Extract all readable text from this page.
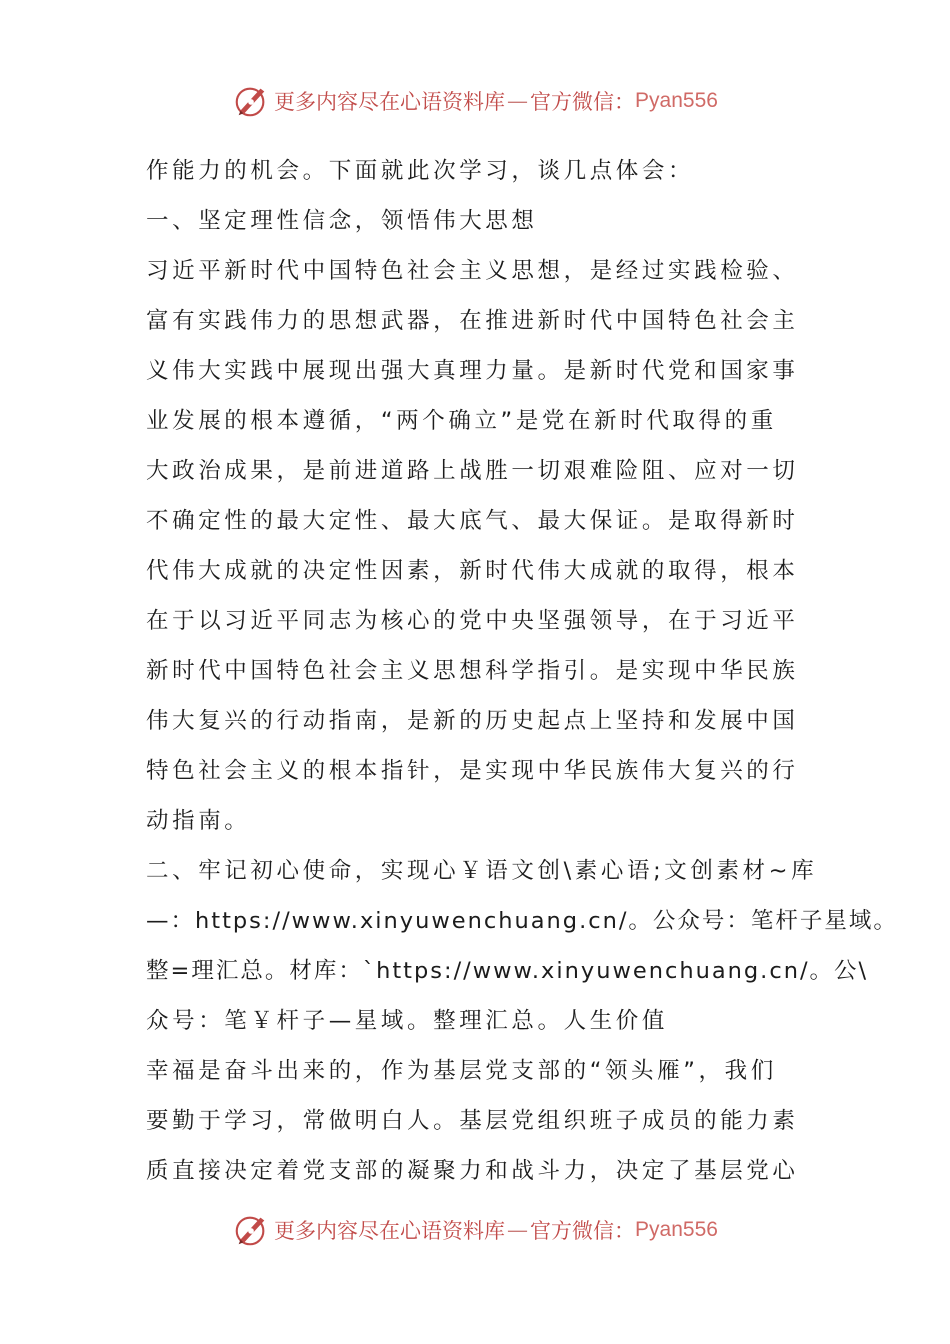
更多内容尽在心语资料库 — 官方微信： Pyan556
作能力的机会。下面就此次学习，谈几点体会：
一、坚定理性信念，领悟伟大思想
习近平新时代中国特色社会主义思想，是经过实践检验、
富有实践伟力的思想武器，在推进新时代中国特色社会主
义伟大实践中展现出强大真理力量。是新时代党和国家事
业发展的根本遵循，“两个确立”是党在新时代取得的重
大政治成果，是前进道路上战胜一切艰难险阻、应对一切
不确定性的最大定性、最大底气、最大保证。是取得新时
代伟大成就的决定性因素，新时代伟大成就的取得，根本
在于以习近平同志为核心的党中央坚强领导，在于习近平
新时代中国特色社会主义思想科学指引。是实现中华民族
伟大复兴的行动指南，是新的历史起点上坚持和发展中国
特色社会主义的根本指针，是实现中华民族伟大复兴的行
动指南。
二、牢记初心使命，实现心￥语文创\素心语;文创素材~库
—：https://www.xinyuwenchuang.cn/。公众号：笔杆子星域。
整=理汇总。材库：`https://www.xinyuwenchuang.cn/。公\
众号：笔￥杆子—星域。整理汇总。人生价值
幸福是奋斗出来的，作为基层党支部的“领头雁”，我们
要勤于学习，常做明白人。基层党组织班子成员的能力素
质直接决定着党支部的凝聚力和战斗力，决定了基层党心
更多内容尽在心语资料库 — 官方微信： Pyan556
